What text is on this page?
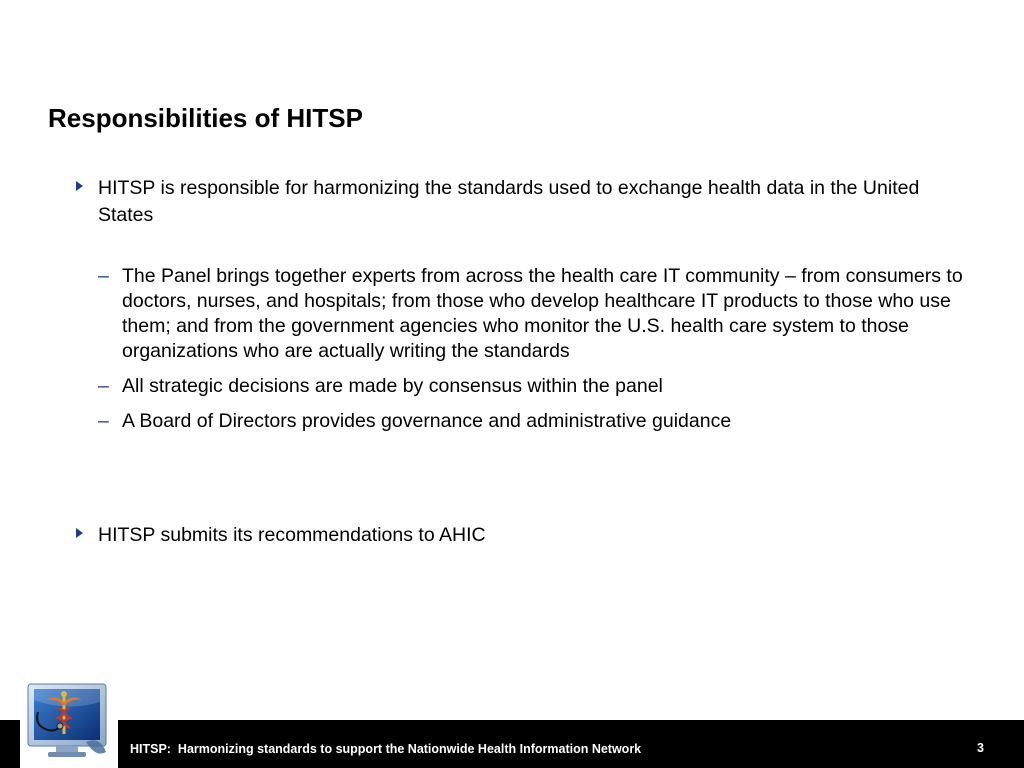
Responsibilities of HITSP
HITSP is responsible for harmonizing the standards used to exchange health data in the United States
– The Panel brings together experts from across the health care IT community – from consumers to doctors, nurses, and hospitals; from those who develop healthcare IT products to those who use them; and from the government agencies who monitor the U.S. health care system to those organizations who are actually writing the standards
– All strategic decisions are made by consensus within the panel
– A Board of Directors provides governance and administrative guidance
HITSP submits its recommendations to AHIC
HITSP:  Harmonizing standards to support the Nationwide Health Information Network	3
